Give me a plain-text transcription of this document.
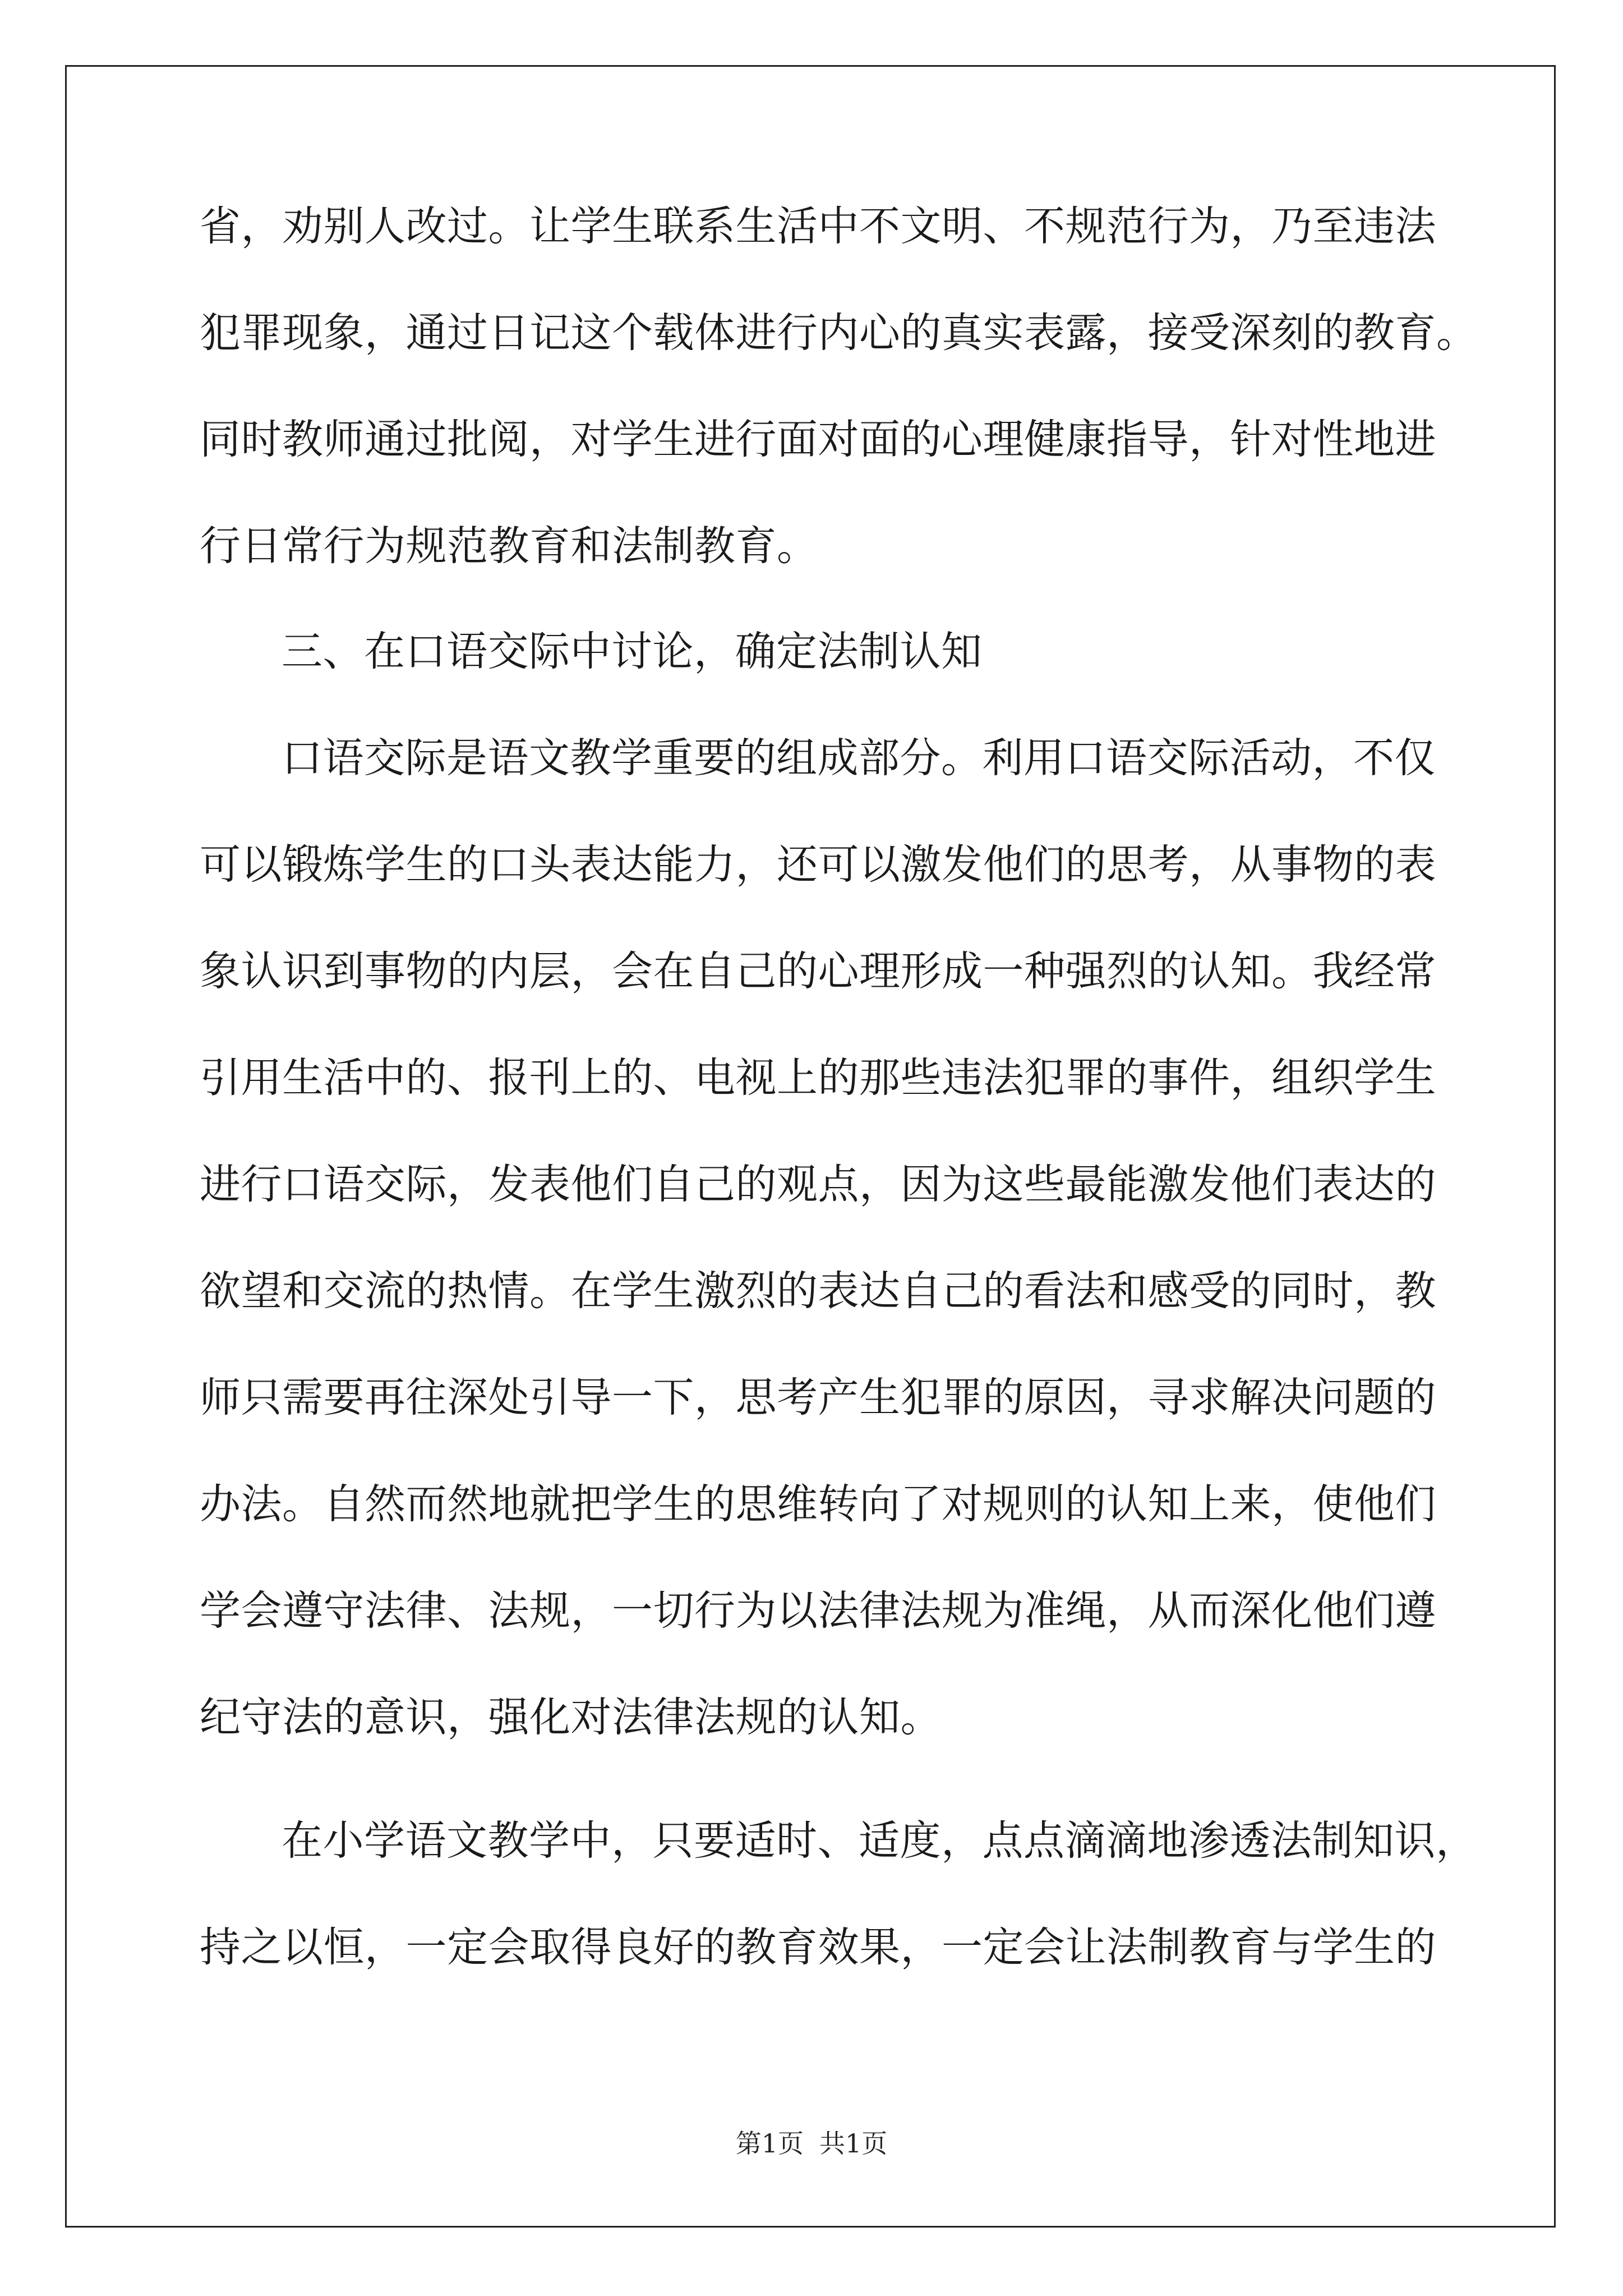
省，劝别人改过。让学生联系生活中不文明、不规范行为，乃至违法
犯罪现象，通过日记这个载体进行内心的真实表露，接受深刻的教育。
同时教师通过批阅，对学生进行面对面的心理健康指导，针对性地进
行日常行为规范教育和法制教育。
三、在口语交际中讨论，确定法制认知
口语交际是语文教学重要的组成部分。利用口语交际活动，不仅
可以锻炼学生的口头表达能力，还可以激发他们的思考，从事物的表
象认识到事物的内层，会在自己的心理形成一种强烈的认知。我经常
引用生活中的、报刊上的、电视上的那些违法犯罪的事件，组织学生
进行口语交际，发表他们自己的观点，因为这些最能激发他们表达的
欲望和交流的热情。在学生激烈的表达自己的看法和感受的同时，教
师只需要再往深处引导一下，思考产生犯罪的原因，寻求解决问题的
办法。自然而然地就把学生的思维转向了对规则的认知上来，使他们
学会遵守法律、法规，一切行为以法律法规为准绳，从而深化他们遵
纪守法的意识，强化对法律法规的认知。
在小学语文教学中，只要适时、适度，点点滴滴地渗透法制知识，
持之以恒，一定会取得良好的教育效果，一定会让法制教育与学生的
第1页 共1页
